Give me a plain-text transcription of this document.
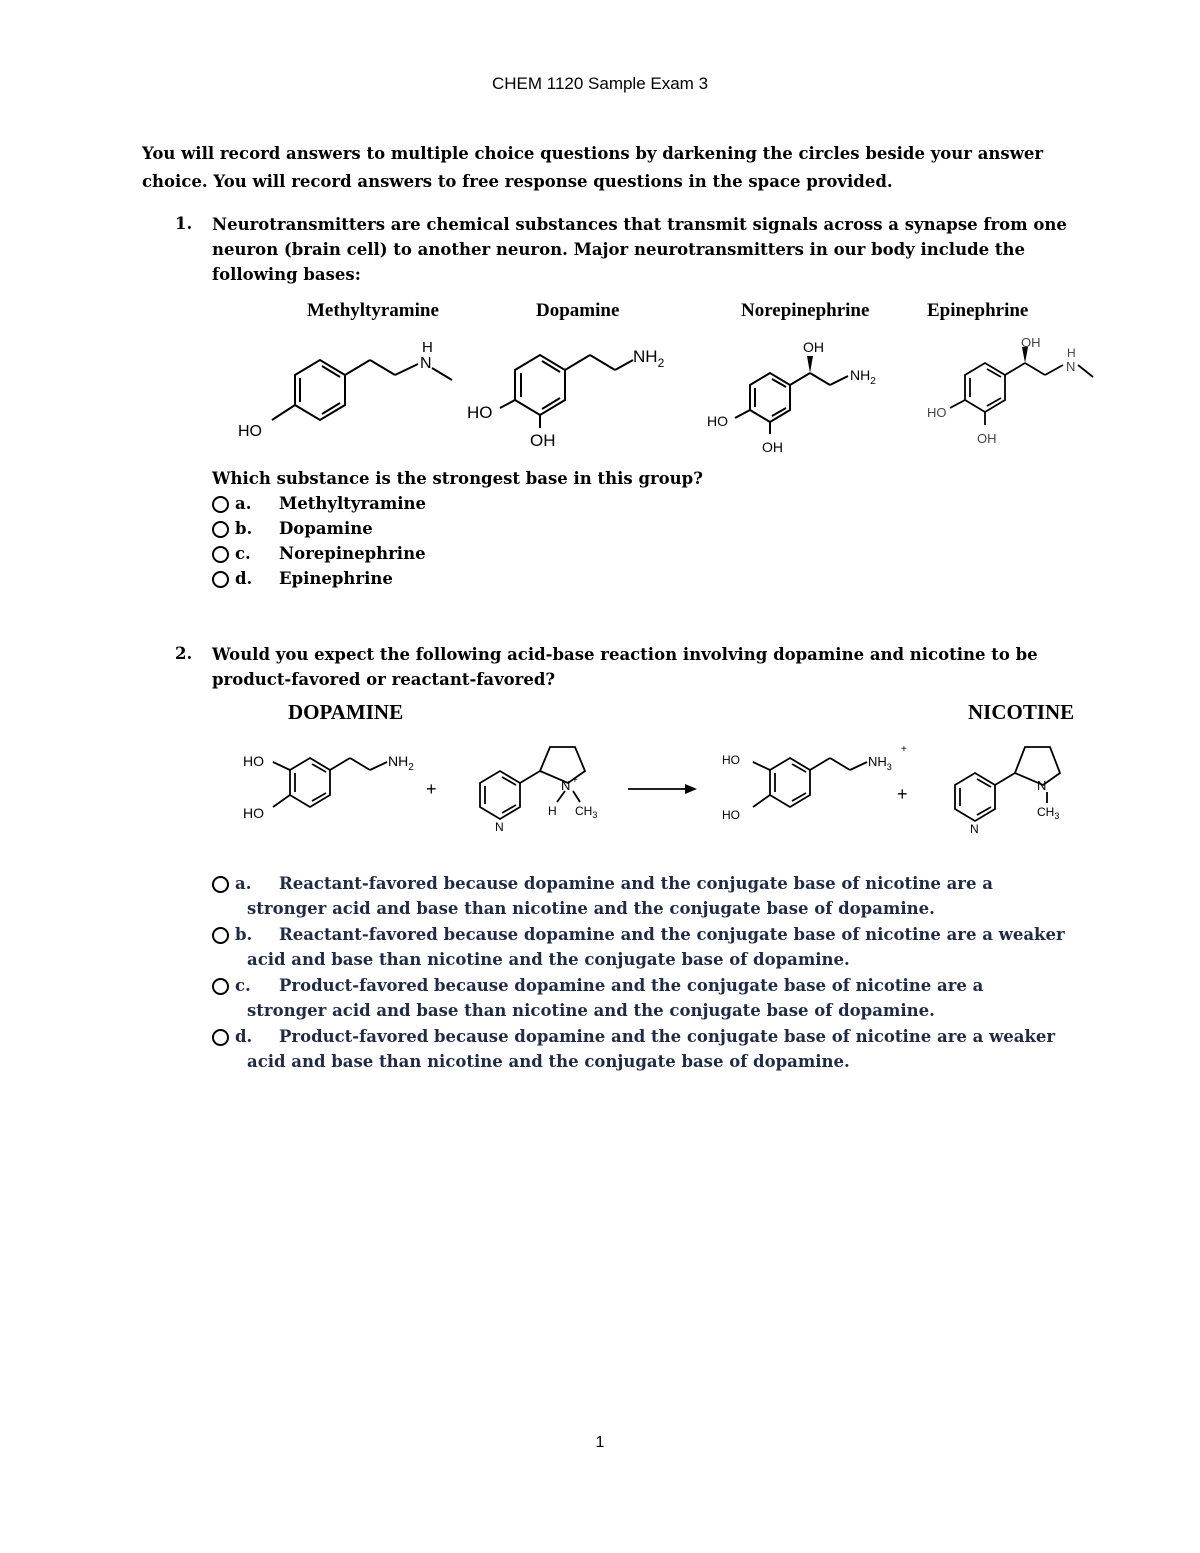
CHEM 1120 Sample Exam 3
You will record answers to multiple choice questions by darkening the circles beside your answer
choice. You will record answers to free response questions in the space provided.
1. Neurotransmitters are chemical substances that transmit signals across a synapse from one
neuron (brain cell) to another neuron. Major neurotransmitters in our body include the
following bases:
Methyltyramine	Dopamine	Norepinephrine	Epinephrine
N
H
HO
$NH_2$
HO
OH
OH
$NH_2$
HO
OH
OH
N
H
HO
OH
Which substance is the strongest base in this group?
a. Methyltyramine
b. Dopamine
c. Norepinephrine
d. Epinephrine
2. Would you expect the following acid-base reaction involving dopamine and nicotine to be
product-favored or reactant-favored?
DOPAMINE	NICOTINE
HO
HO
$NH_2$
+
N
N +
H $CH_3$
HO
HO
$NH_3$
+
+
N
N
$CH_3$
a. Reactant-favored because dopamine and the conjugate base of nicotine are a
stronger acid and base than nicotine and the conjugate base of dopamine.
b. Reactant-favored because dopamine and the conjugate base of nicotine are a weaker
acid and base than nicotine and the conjugate base of dopamine.
c. Product-favored because dopamine and the conjugate base of nicotine are a
stronger acid and base than nicotine and the conjugate base of dopamine.
d. Product-favored because dopamine and the conjugate base of nicotine are a weaker
acid and base than nicotine and the conjugate base of dopamine.
1
